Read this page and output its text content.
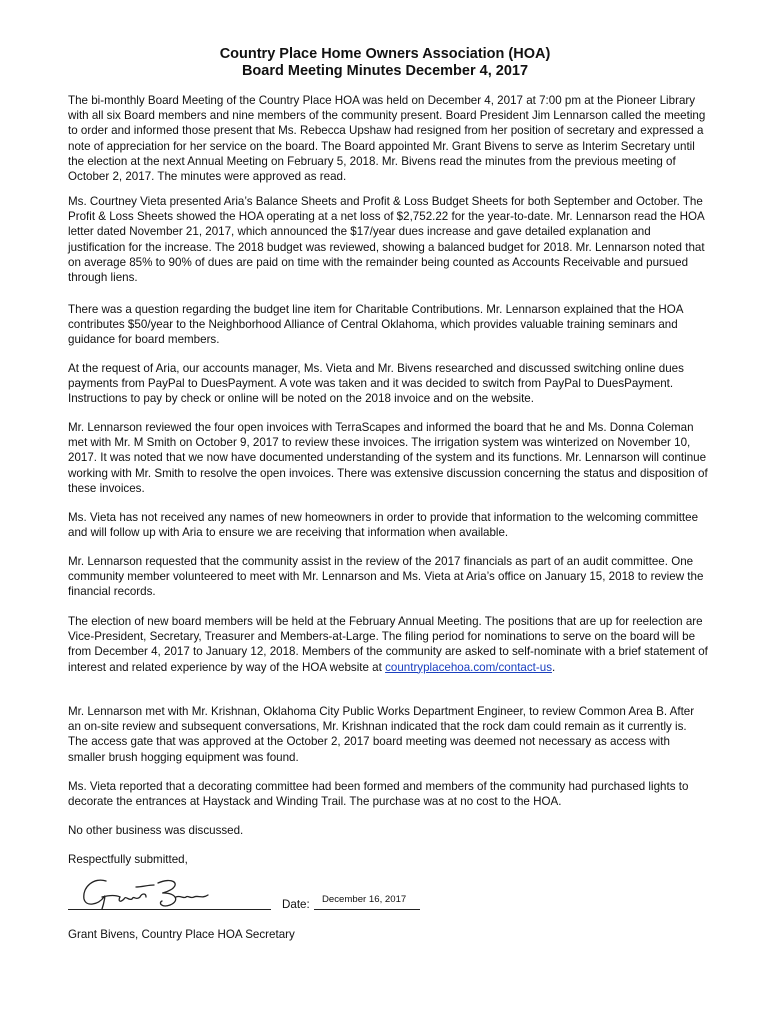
Country Place Home Owners Association (HOA)
Board Meeting Minutes December 4, 2017

The bi-monthly Board Meeting of the Country Place HOA was held on December 4, 2017 at 7:00 pm at the Pioneer Library with all six Board members and nine members of the community present. Board President Jim Lennarson called the meeting to order and informed those present that Ms. Rebecca Upshaw had resigned from her position of secretary and expressed a note of appreciation for her service on the board. The Board appointed Mr. Grant Bivens to serve as Interim Secretary until the election at the next Annual Meeting on February 5, 2018. Mr. Bivens read the minutes from the previous meeting of October 2, 2017. The minutes were approved as read.

Ms. Courtney Vieta presented Aria’s Balance Sheets and Profit & Loss Budget Sheets for both September and October. The Profit & Loss Sheets showed the HOA operating at a net loss of $2,752.22 for the year-to-date. Mr. Lennarson read the HOA letter dated November 21, 2017, which announced the $17/year dues increase and gave detailed explanation and justification for the increase. The 2018 budget was reviewed, showing a balanced budget for 2018. Mr. Lennarson noted that on average 85% to 90% of dues are paid on time with the remainder being counted as Accounts Receivable and pursued through liens.

There was a question regarding the budget line item for Charitable Contributions. Mr. Lennarson explained that the HOA contributes $50/year to the Neighborhood Alliance of Central Oklahoma, which provides valuable training seminars and guidance for board members.

At the request of Aria, our accounts manager, Ms. Vieta and Mr. Bivens researched and discussed switching online dues payments from PayPal to DuesPayment. A vote was taken and it was decided to switch from PayPal to DuesPayment. Instructions to pay by check or online will be noted on the 2018 invoice and on the website.

Mr. Lennarson reviewed the four open invoices with TerraScapes and informed the board that he and Ms. Donna Coleman met with Mr. M Smith on October 9, 2017 to review these invoices. The irrigation system was winterized on November 10, 2017. It was noted that we now have documented understanding of the system and its functions. Mr. Lennarson will continue working with Mr. Smith to resolve the open invoices. There was extensive discussion concerning the status and disposition of these invoices.

Ms. Vieta has not received any names of new homeowners in order to provide that information to the welcoming committee and will follow up with Aria to ensure we are receiving that information when available.

Mr. Lennarson requested that the community assist in the review of the 2017 financials as part of an audit committee. One community member volunteered to meet with Mr. Lennarson and Ms. Vieta at Aria’s office on January 15, 2018 to review the financial records.

The election of new board members will be held at the February Annual Meeting. The positions that are up for reelection are Vice-President, Secretary, Treasurer and Members-at-Large. The filing period for nominations to serve on the board will be from December 4, 2017 to January 12, 2018. Members of the community are asked to self-nominate with a brief statement of interest and related experience by way of the HOA website at countryplacehoa.com/contact-us.

Mr. Lennarson met with Mr. Krishnan, Oklahoma City Public Works Department Engineer, to review Common Area B. After an on-site review and subsequent conversations, Mr. Krishnan indicated that the rock dam could remain as it currently is. The access gate that was approved at the October 2, 2017 board meeting was deemed not necessary as access with smaller brush hogging equipment was found.

Ms. Vieta reported that a decorating committee had been formed and members of the community had purchased lights to decorate the entrances at Haystack and Winding Trail. The purchase was at no cost to the HOA.

No other business was discussed.

Respectfully submitted,

Date: December 16, 2017

Grant Bivens, Country Place HOA Secretary
